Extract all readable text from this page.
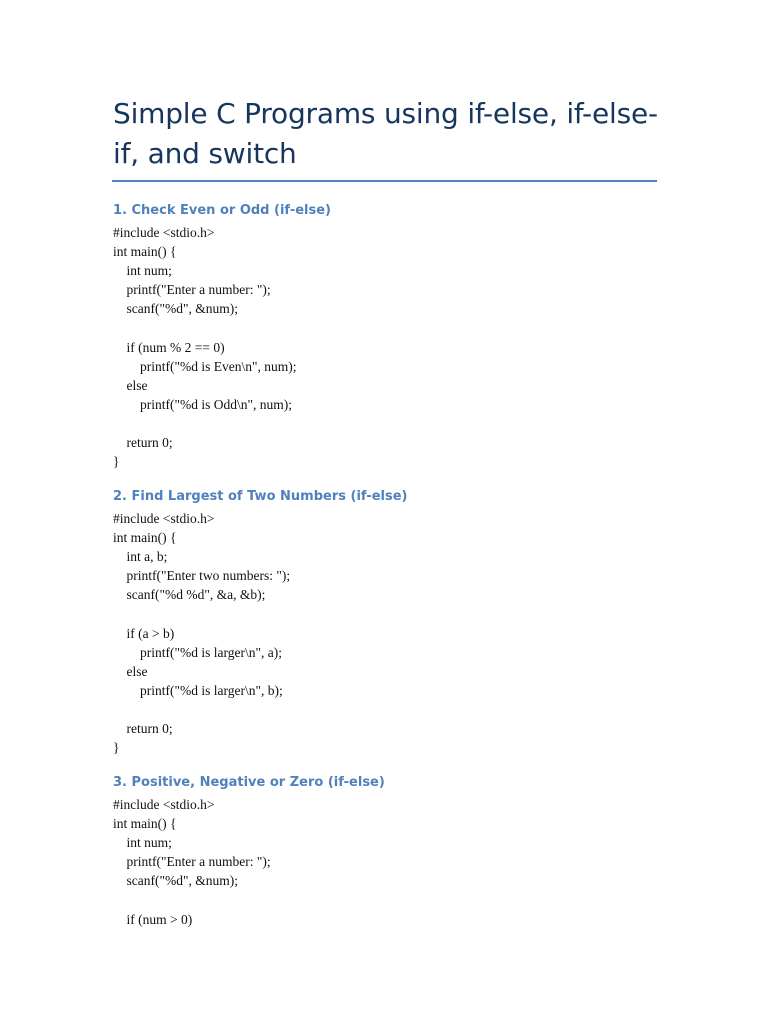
Simple C Programs using if-else, if-else-if, and switch
1. Check Even or Odd (if-else)
#include <stdio.h>
int main() {
int num;
printf("Enter a number: ");
scanf("%d", &num);
if (num % 2 == 0)
printf("%d is Even\n", num);
else
printf("%d is Odd\n", num);
return 0;
}
2. Find Largest of Two Numbers (if-else)
#include <stdio.h>
int main() {
int a, b;
printf("Enter two numbers: ");
scanf("%d %d", &a, &b);
if (a > b)
printf("%d is larger\n", a);
else
printf("%d is larger\n", b);
return 0;
}
3. Positive, Negative or Zero (if-else)
#include <stdio.h>
int main() {
int num;
printf("Enter a number: ");
scanf("%d", &num);
if (num > 0)
